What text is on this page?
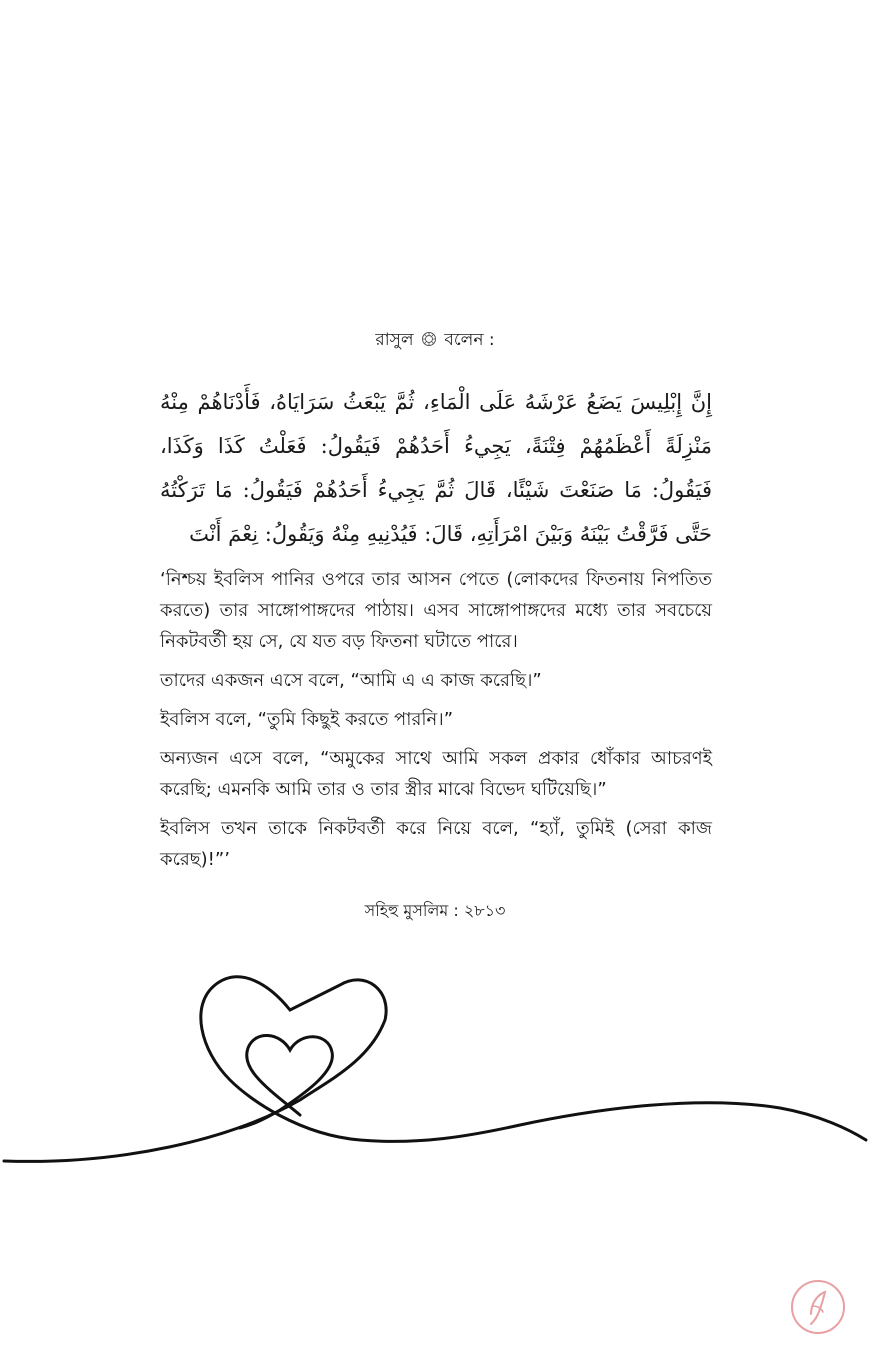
রাসুল বলেন :
إِنَّ إِبْلِيسَ يَضَعُ عَرْشَهُ عَلَى الْمَاءِ، ثُمَّ يَبْعَثُ سَرَايَاهُ، فَأَدْنَاهُمْ مِنْهُ مَنْزِلَةً أَعْظَمُهُمْ فِتْنَةً، يَجِيءُ أَحَدُهُمْ فَيَقُولُ: فَعَلْتُ كَذَا وَكَذَا، فَيَقُولُ: مَا صَنَعْتَ شَيْئًا، قَالَ ثُمَّ يَجِيءُ أَحَدُهُمْ فَيَقُولُ: مَا تَرَكْتُهُ حَتَّى فَرَّقْتُ بَيْنَهُ وَبَيْنَ امْرَأَتِهِ، قَالَ: فَيُدْنِيهِ مِنْهُ وَيَقُولُ: نِعْمَ أَنْتَ

‘নিশ্চয় ইবলিস পানির ওপরে তার আসন পেতে (লোকদের ফিতনায় নিপতিত করতে) তার সাঙ্গোপাঙ্গদের পাঠায়। এসব সাঙ্গোপাঙ্গদের মধ্যে তার সবচেয়ে নিকটবর্তী হয় সে, যে যত বড় ফিতনা ঘটাতে পারে।

তাদের একজন এসে বলে, “আমি এ এ কাজ করেছি।”

ইবলিস বলে, “তুমি কিছুই করতে পারনি।”

অন্যজন এসে বলে, “অমুকের সাথে আমি সকল প্রকার ধোঁকার আচরণই করেছি; এমনকি আমি তার ও তার স্ত্রীর মাঝে বিভেদ ঘটিয়েছি।”

ইবলিস তখন তাকে নিকটবর্তী করে নিয়ে বলে, “হ্যাঁ, তুমিই (সেরা কাজ করেছ)!”’

সহিহু মুসলিম : ২৮১৩
